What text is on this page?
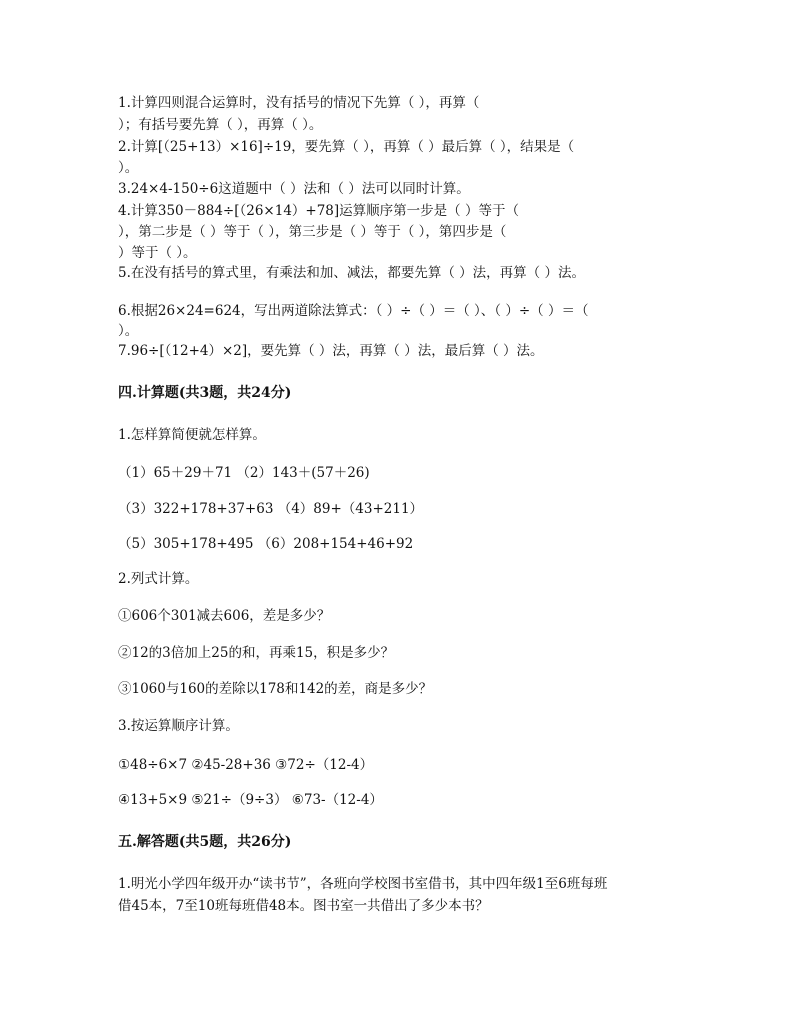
1.计算四则混合运算时，没有括号的情况下先算（ ），再算（
）；有括号要先算（ ），再算（ ）。
2.计算[（25+13）×16]÷19，要先算（ ），再算（ ）最后算（ ），结果是（
）。
3.24×4-150÷6这道题中（ ）法和（ ）法可以同时计算。
4.计算350－884÷[（26×14）+78]运算顺序第一步是（ ）等于（
），第二步是（ ）等于（ ），第三步是（ ）等于（ ），第四步是（
）等于（ ）。
5.在没有括号的算式里，有乘法和加、减法，都要先算（ ）法，再算（ ）法。
6.根据26×24=624，写出两道除法算式：（ ）÷（ ）＝（ ）、（ ）÷（ ）＝（
）。
7.96÷[（12+4）×2]，要先算（ ）法，再算（ ）法，最后算（ ）法。
四.计算题(共3题，共24分)
1.怎样算简便就怎样算。
（1）65＋29＋71 （2）143＋(57＋26)
（3）322+178+37+63 （4）89+（43+211）
（5）305+178+495 （6）208+154+46+92
2.列式计算。
①606个301减去606，差是多少？
②12的3倍加上25的和，再乘15，积是多少？
③1060与160的差除以178和142的差，商是多少？
3.按运算顺序计算。
①48÷6×7 ②45-28+36 ③72÷（12-4）
④13+5×9 ⑤21÷（9÷3） ⑥73-（12-4）
五.解答题(共5题，共26分)
1.明光小学四年级开办“读书节”，各班向学校图书室借书，其中四年级1至6班每班
借45本，7至10班每班借48本。图书室一共借出了多少本书？
